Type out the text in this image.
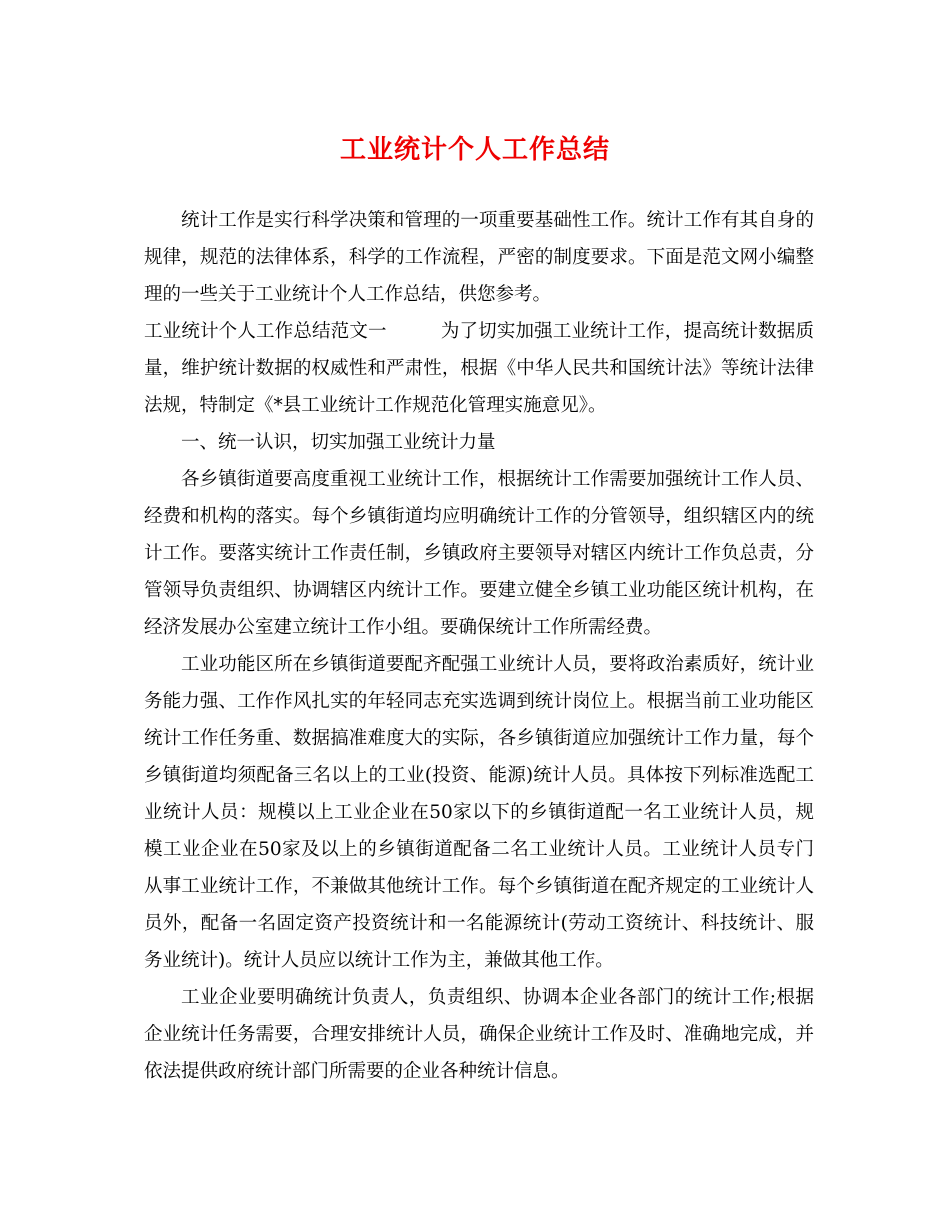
工业统计个人工作总结

统计工作是实行科学决策和管理的一项重要基础性工作。统计工作有其自身的规律，规范的法律体系，科学的工作流程，严密的制度要求。下面是范文网小编整理的一些关于工业统计个人工作总结，供您参考。

工业统计个人工作总结范文一	为了切实加强工业统计工作，提高统计数据质量，维护统计数据的权威性和严肃性，根据《中华人民共和国统计法》等统计法律法规，特制定《*县工业统计工作规范化管理实施意见》。

一、统一认识，切实加强工业统计力量

各乡镇街道要高度重视工业统计工作，根据统计工作需要加强统计工作人员、经费和机构的落实。每个乡镇街道均应明确统计工作的分管领导，组织辖区内的统计工作。要落实统计工作责任制，乡镇政府主要领导对辖区内统计工作负总责，分管领导负责组织、协调辖区内统计工作。要建立健全乡镇工业功能区统计机构，在经济发展办公室建立统计工作小组。要确保统计工作所需经费。

工业功能区所在乡镇街道要配齐配强工业统计人员，要将政治素质好，统计业务能力强、工作作风扎实的年轻同志充实选调到统计岗位上。根据当前工业功能区统计工作任务重、数据搞准难度大的实际，各乡镇街道应加强统计工作力量，每个乡镇街道均须配备三名以上的工业(投资、能源)统计人员。具体按下列标准选配工业统计人员：规模以上工业企业在50家以下的乡镇街道配一名工业统计人员，规模工业企业在50家及以上的乡镇街道配备二名工业统计人员。工业统计人员专门从事工业统计工作，不兼做其他统计工作。每个乡镇街道在配齐规定的工业统计人员外，配备一名固定资产投资统计和一名能源统计(劳动工资统计、科技统计、服务业统计)。统计人员应以统计工作为主，兼做其他工作。

工业企业要明确统计负责人，负责组织、协调本企业各部门的统计工作;根据企业统计任务需要，合理安排统计人员，确保企业统计工作及时、准确地完成，并依法提供政府统计部门所需要的企业各种统计信息。
